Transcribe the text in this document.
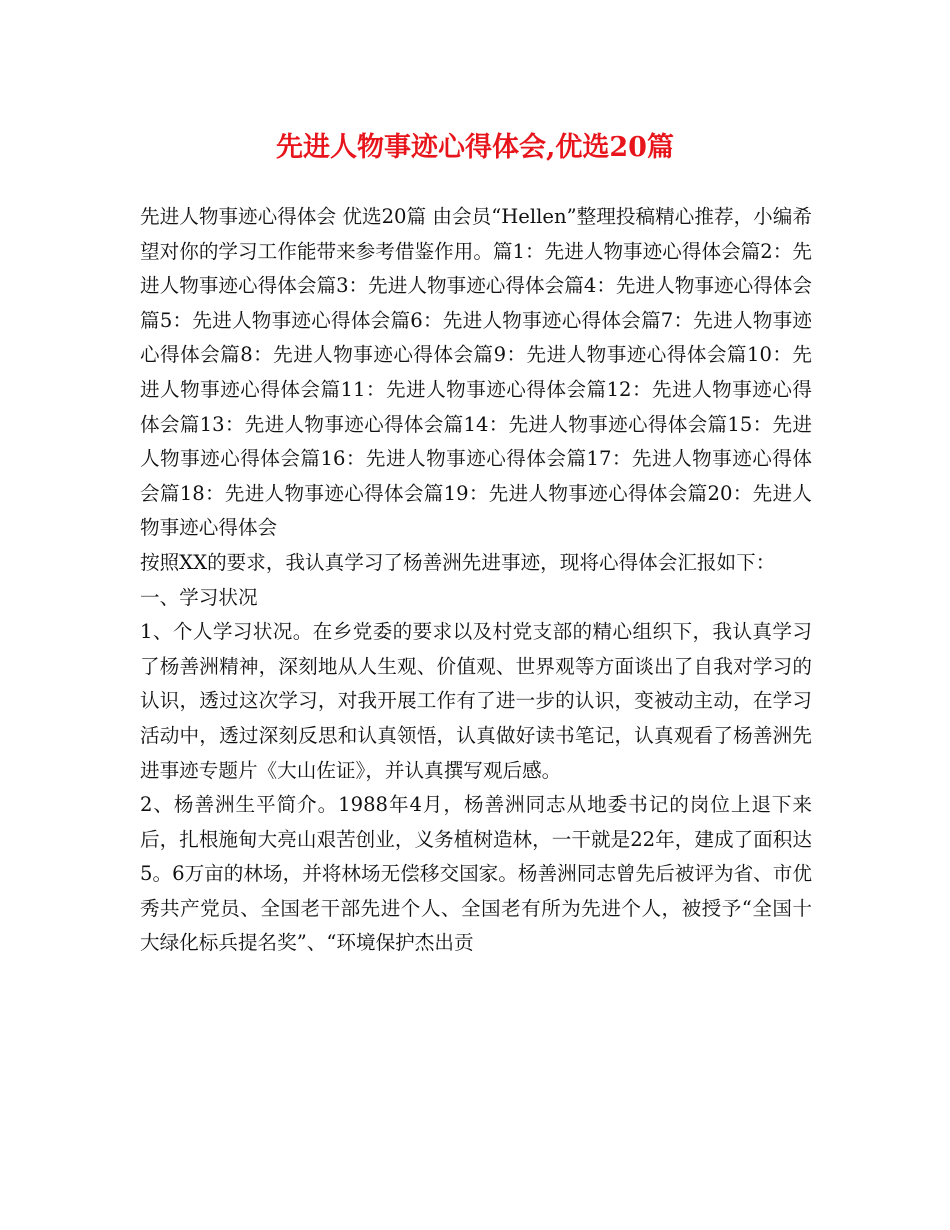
先进人物事迹心得体会,优选20篇

先进人物事迹心得体会 优选20篇 由会员“Hellen”整理投稿精心推荐，小编希望对你的学习工作能带来参考借鉴作用。篇1：先进人物事迹心得体会篇2：先进人物事迹心得体会篇3：先进人物事迹心得体会篇4：先进人物事迹心得体会篇5：先进人物事迹心得体会篇6：先进人物事迹心得体会篇7：先进人物事迹心得体会篇8：先进人物事迹心得体会篇9：先进人物事迹心得体会篇10：先进人物事迹心得体会篇11：先进人物事迹心得体会篇12：先进人物事迹心得体会篇13：先进人物事迹心得体会篇14：先进人物事迹心得体会篇15：先进人物事迹心得体会篇16：先进人物事迹心得体会篇17：先进人物事迹心得体会篇18：先进人物事迹心得体会篇19：先进人物事迹心得体会篇20：先进人物事迹心得体会

按照XX的要求，我认真学习了杨善洲先进事迹，现将心得体会汇报如下：

一、学习状况

1、个人学习状况。在乡党委的要求以及村党支部的精心组织下，我认真学习了杨善洲精神，深刻地从人生观、价值观、世界观等方面谈出了自我对学习的认识，透过这次学习，对我开展工作有了进一步的认识，变被动主动，在学习活动中，透过深刻反思和认真领悟，认真做好读书笔记，认真观看了杨善洲先进事迹专题片《大山佐证》，并认真撰写观后感。

2、杨善洲生平简介。1988年4月，杨善洲同志从地委书记的岗位上退下来后，扎根施甸大亮山艰苦创业，义务植树造林，一干就是22年，建成了面积达5。6万亩的林场，并将林场无偿移交国家。杨善洲同志曾先后被评为省、市优秀共产党员、全国老干部先进个人、全国老有所为先进个人，被授予“全国十大绿化标兵提名奖”、“环境保护杰出贡
